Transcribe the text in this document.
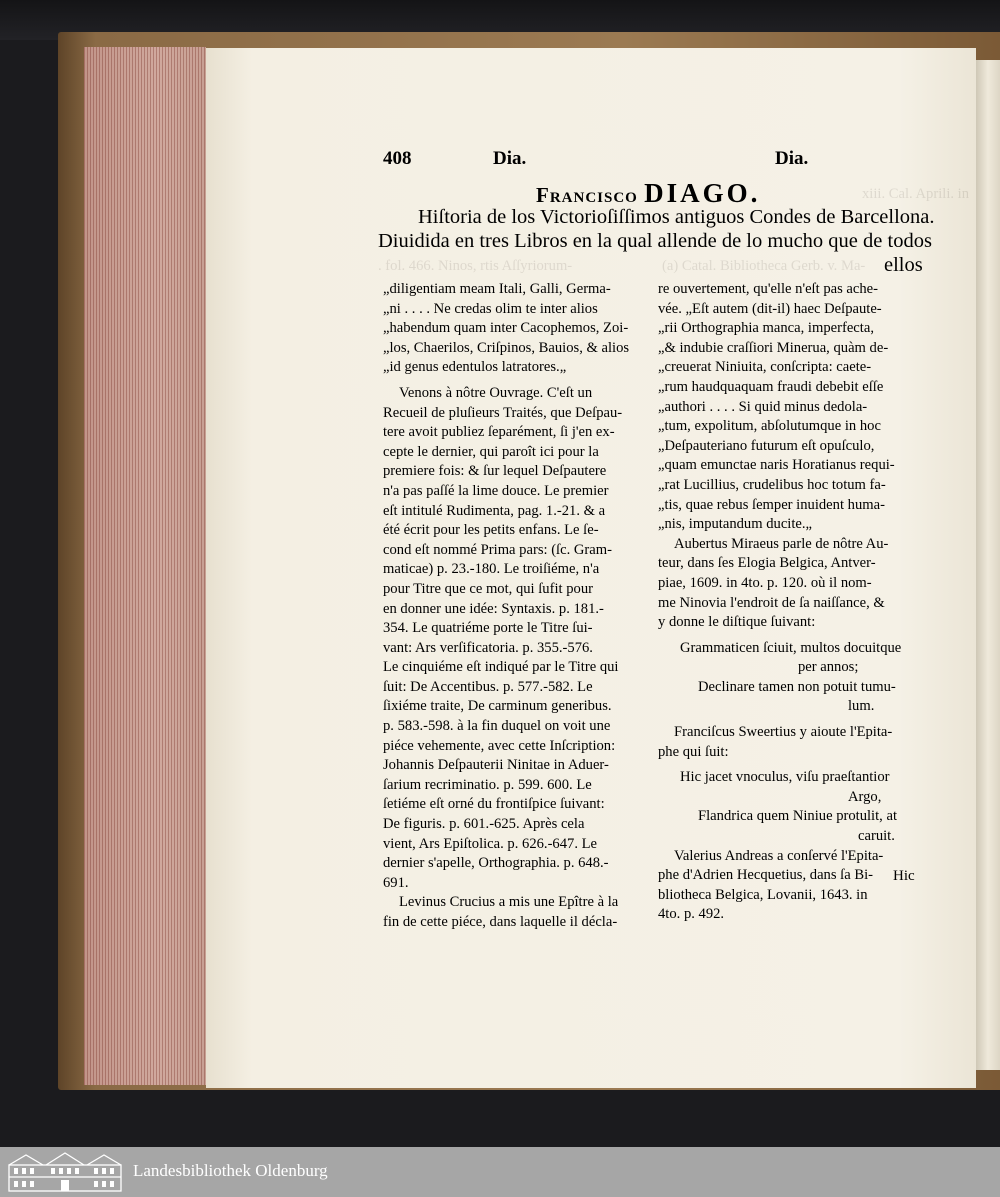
xiii. Cal. Aprili. in
. fol. 466. Ninos, rtis Aſſyriorum-	(a) Catal. Bibliotheca Gerb. v. Ma-
408	Dia.	Dia.
Francisco DIAGO.
Hiſtoria de los Victorioſiſſimos antiguos Condes de Barcellona.
Diuidida en tres Libros en la qual allende de lo mucho que de todos
ellos
„diligentiam meam Itali, Galli, Germa-
„ni . . . . Ne credas olim te inter alios
„habendum quam inter Cacophemos, Zoi-
„los, Chaerilos, Criſpinos, Bauios, & alios
„id genus edentulos latratores.„
Venons à nôtre Ouvrage. C'eſt un
Recueil de pluſieurs Traités, que Deſpau-
tere avoit publiez ſeparément, ſi j'en ex-
cepte le dernier, qui paroît ici pour la
premiere fois: & ſur lequel Deſpautere
n'a pas paſſé la lime douce. Le premier
eſt intitulé Rudimenta, pag. 1.-21. & a
été écrit pour les petits enfans. Le ſe-
cond eſt nommé Prima pars: (ſc. Gram-
maticae) p. 23.-180. Le troiſiéme, n'a
pour Titre que ce mot, qui ſufit pour
en donner une idée: Syntaxis. p. 181.-
354. Le quatriéme porte le Titre ſui-
vant: Ars verſificatoria. p. 355.-576.
Le cinquiéme eſt indiqué par le Titre qui
ſuit: De Accentibus. p. 577.-582. Le
ſixiéme traite, De carminum generibus.
p. 583.-598. à la fin duquel on voit une
piéce vehemente, avec cette Inſcription:
Johannis Deſpauterii Ninitae in Aduer-
ſarium recriminatio. p. 599. 600. Le
ſetiéme eſt orné du frontiſpice ſuivant:
De figuris. p. 601.-625. Après cela
vient, Ars Epiſtolica. p. 626.-647. Le
dernier s'apelle, Orthographia. p. 648.-
691.
Levinus Crucius a mis une Epître à la
fin de cette piéce, dans laquelle il décla-
re ouvertement, qu'elle n'eſt pas ache-
vée. „Eſt autem (dit-il) haec Deſpaute-
„rii Orthographia manca, imperfecta,
„& indubie craſſiori Minerua, quàm de-
„creuerat Niniuita, conſcripta: caete-
„rum haudquaquam fraudi debebit eſſe
„authori . . . . Si quid minus dedola-
„tum, expolitum, abſolutumque in hoc
„Deſpauteriano futurum eſt opuſculo,
„quam emunctae naris Horatianus requi-
„rat Lucillius, crudelibus hoc totum fa-
„tis, quae rebus ſemper inuident huma-
„nis, imputandum ducite.„
Aubertus Miraeus parle de nôtre Au-
teur, dans ſes Elogia Belgica, Antver-
piae, 1609. in 4to. p. 120. où il nom-
me Ninovia l'endroit de ſa naiſſance, &
y donne le diſtique ſuivant:
Grammaticen ſciuit, multos docuitque
per annos;
Declinare tamen non potuit tumu-
lum.
Franciſcus Sweertius y aioute l'Epita-
phe qui ſuit:
Hic jacet vnoculus, viſu praeſtantior
Argo,
Flandrica quem Niniue protulit, at
caruit.
Valerius Andreas a conſervé l'Epita-
phe d'Adrien Hecquetius, dans ſa Bi-
bliotheca Belgica, Lovanii, 1643. in
4to. p. 492.
Hic
Landesbibliothek Oldenburg
